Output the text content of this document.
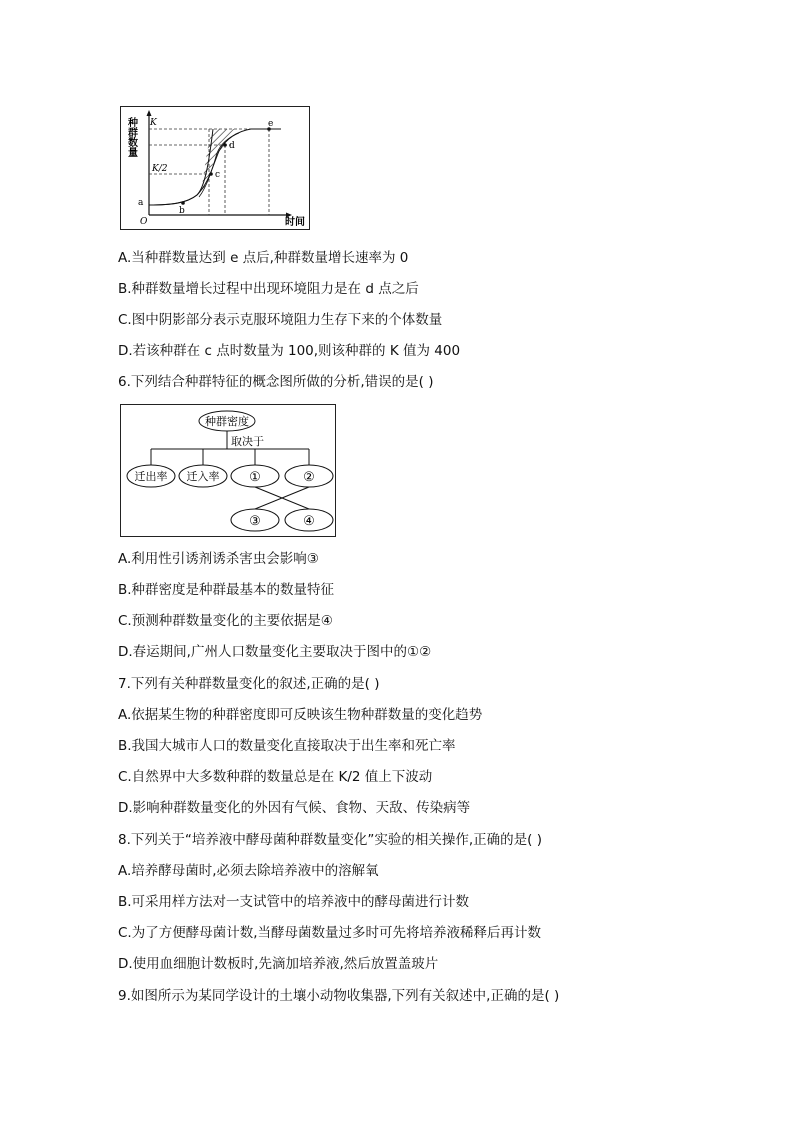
种群数量 K
K/2
O	时间
a
b
c
d
e
A.当种群数量达到 e 点后,种群数量增长速率为 0
B.种群数量增长过程中出现环境阻力是在 d 点之后
C.图中阴影部分表示克服环境阻力生存下来的个体数量
D.若该种群在 c 点时数量为 100,则该种群的 K 值为 400
6.下列结合种群特征的概念图所做的分析,错误的是( )
种群密度
取决于
迁出率 迁入率 ①	②
③	④
A.利用性引诱剂诱杀害虫会影响③
B.种群密度是种群最基本的数量特征
C.预测种群数量变化的主要依据是④
D.春运期间,广州人口数量变化主要取决于图中的①②
7.下列有关种群数量变化的叙述,正确的是( )
A.依据某生物的种群密度即可反映该生物种群数量的变化趋势
B.我国大城市人口的数量变化直接取决于出生率和死亡率
C.自然界中大多数种群的数量总是在 K/2 值上下波动
D.影响种群数量变化的外因有气候、食物、天敌、传染病等
8.下列关于“培养液中酵母菌种群数量变化”实验的相关操作,正确的是( )
A.培养酵母菌时,必须去除培养液中的溶解氧
B.可采用样方法对一支试管中的培养液中的酵母菌进行计数
C.为了方便酵母菌计数,当酵母菌数量过多时可先将培养液稀释后再计数
D.使用血细胞计数板时,先滴加培养液,然后放置盖玻片
9.如图所示为某同学设计的土壤小动物收集器,下列有关叙述中,正确的是( )
